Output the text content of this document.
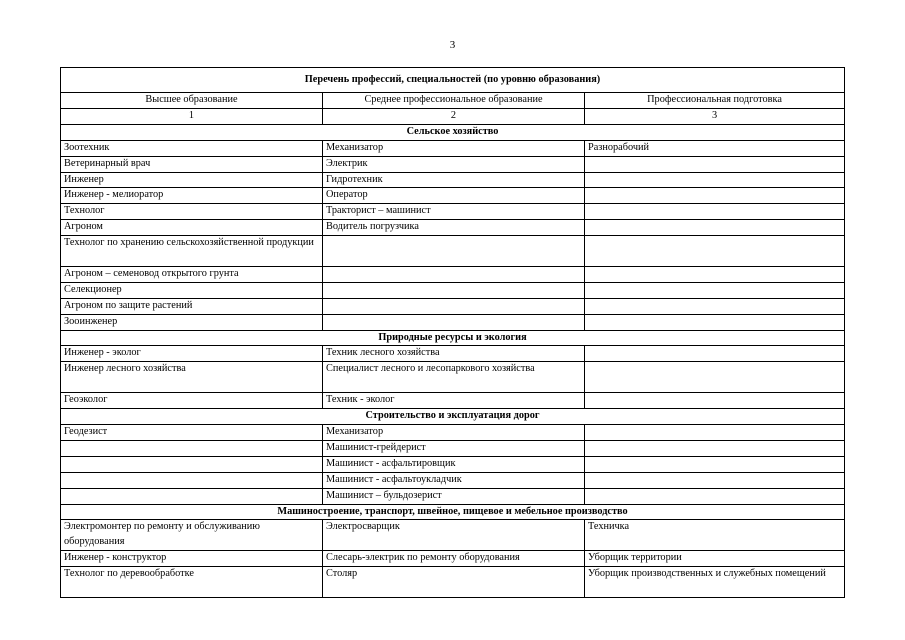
3
Перечень профессий, специальностей (по уровню образования)		
Высшее образование	Среднее профессиональное образование	Профессиональная подготовка
1	2	3
Сельское хозяйство		
Зоотехник	Механизатор	Разнорабочий
Ветеринарный врач	Электрик	
Инженер	Гидротехник	
Инженер - мелиоратор	Оператор	
Технолог	Тракторист – машинист	
Агроном	Водитель погрузчика	
Технолог по хранению сельскохозяйственной продукции		
Агроном – семеновод открытого грунта		
Селекционер		
Агроном по защите растений		
Зооинженер		
Природные ресурсы и экология		
Инженер - эколог	Техник лесного хозяйства	
Инженер лесного хозяйства	Специалист лесного и лесопаркового хозяйства	
Геоэколог	Техник - эколог	
Строительство и эксплуатация дорог		
Геодезист	Механизатор	
	Машинист-грейдерист	
	Машинист - асфальтировщик	
	Машинист - асфальтоукладчик	
	Машинист – бульдозерист	
Машиностроение, транспорт, швейное, пищевое и мебельное производство		
Электромонтер по ремонту и обслуживанию оборудования	Электросварщик	Техничка
Инженер - конструктор	Слесарь-электрик по ремонту оборудования	Уборщик территории
Технолог по деревообработке	Столяр	Уборщик производственных и служебных помещений
